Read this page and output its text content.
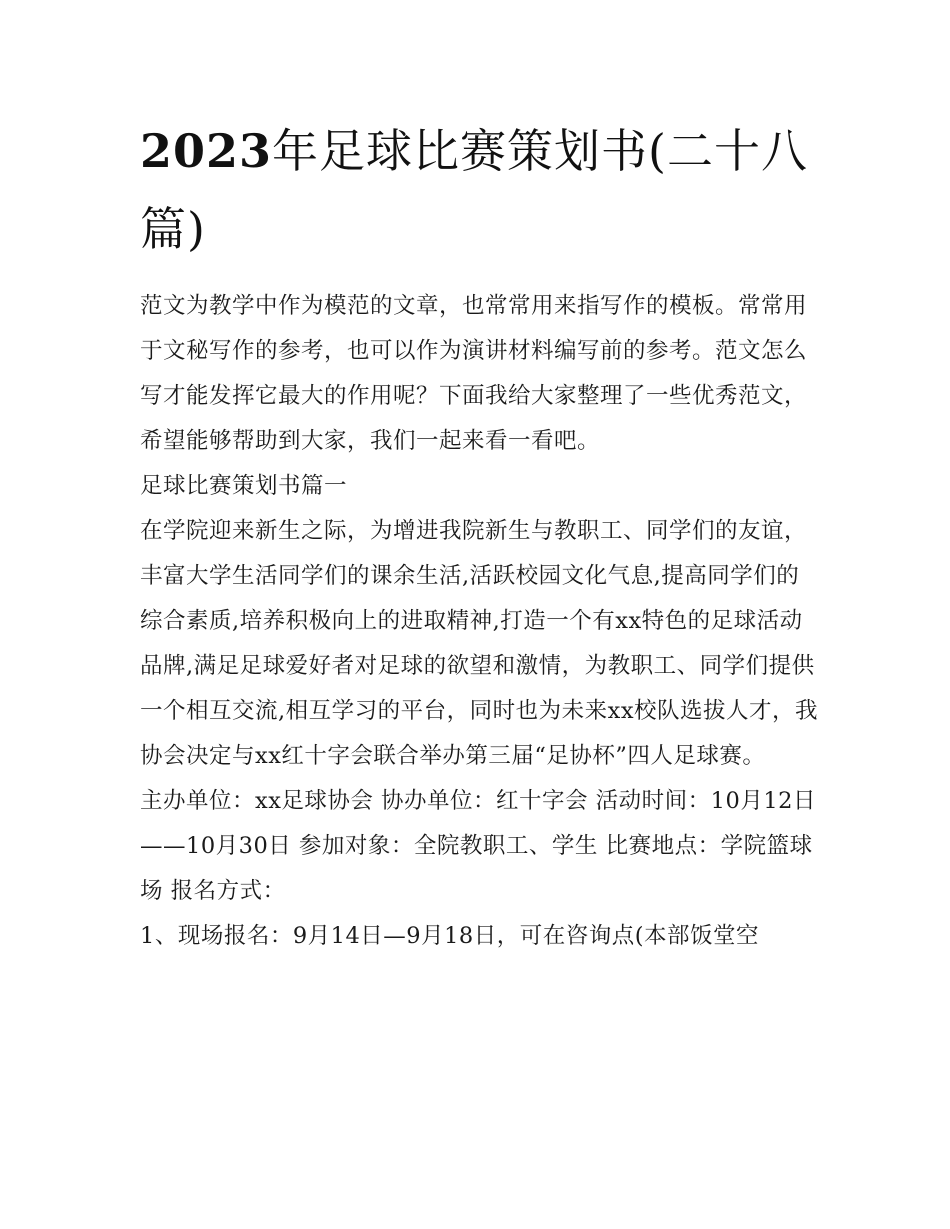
2023年足球比赛策划书(二十八篇)

范文为教学中作为模范的文章，也常常用来指写作的模板。常常用于文秘写作的参考，也可以作为演讲材料编写前的参考。范文怎么写才能发挥它最大的作用呢？下面我给大家整理了一些优秀范文，希望能够帮助到大家，我们一起来看一看吧。

足球比赛策划书篇一

在学院迎来新生之际，为增进我院新生与教职工、同学们的友谊，丰富大学生活同学们的课余生活,活跃校园文化气息,提高同学们的综合素质,培养积极向上的进取精神,打造一个有xx特色的足球活动品牌,满足足球爱好者对足球的欲望和激情，为教职工、同学们提供一个相互交流,相互学习的平台，同时也为未来xx校队选拔人才，我协会决定与xx红十字会联合举办第三届“足协杯”四人足球赛。

主办单位：xx足球协会 协办单位：红十字会 活动时间：10月12日——10月30日 参加对象：全院教职工、学生 比赛地点：学院篮球场 报名方式：

1、现场报名：9月14日—9月18日，可在咨询点(本部饭堂空
